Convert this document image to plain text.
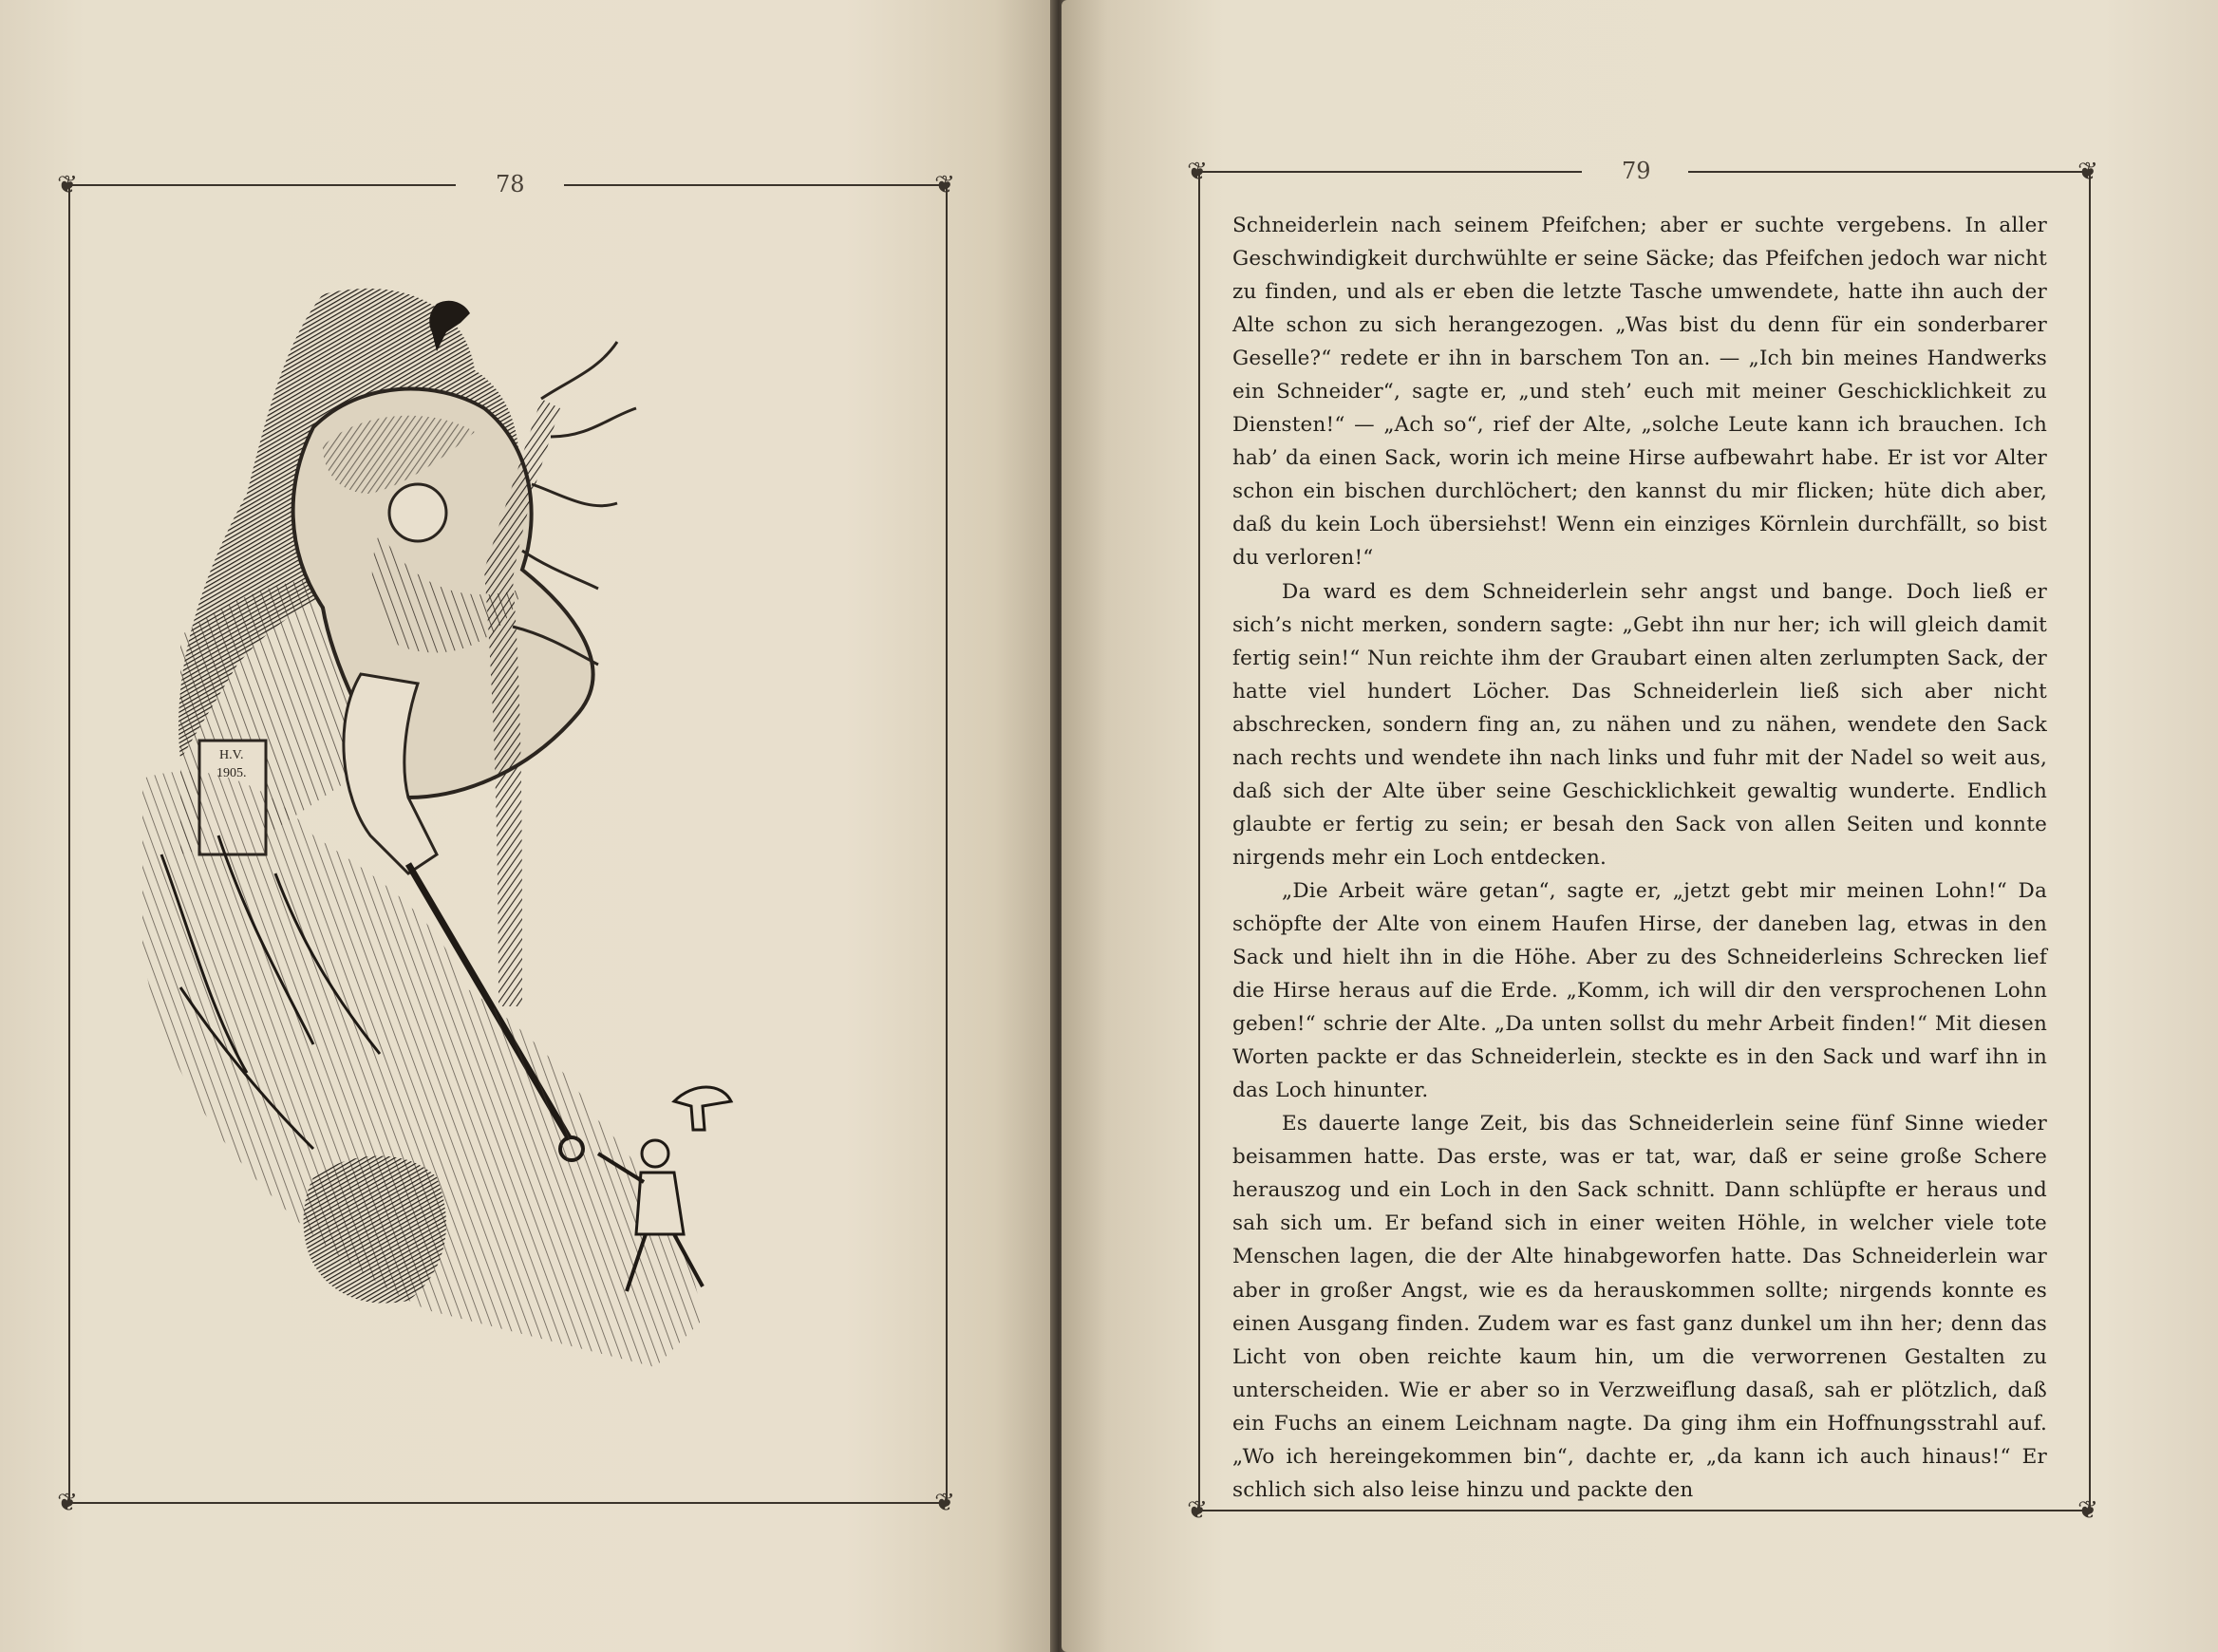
❦	❦
❦	❦
78
H.V.
1905.
❦	❦
❦	❦
79

Schneiderlein nach seinem Pfeifchen; aber er suchte vergebens. In aller Geschwindigkeit durchwühlte er seine Säcke; das Pfeifchen jedoch war nicht zu finden, und als er eben die letzte Tasche umwendete, hatte ihn auch der Alte schon zu sich herangezogen. „Was bist du denn für ein sonderbarer Geselle?“ redete er ihn in barschem Ton an. — „Ich bin meines Handwerks ein Schneider“, sagte er, „und steh’ euch mit meiner Geschicklichkeit zu Diensten!“ — „Ach so“, rief der Alte, „solche Leute kann ich brauchen. Ich hab’ da einen Sack, worin ich meine Hirse aufbewahrt habe. Er ist vor Alter schon ein bischen durchlöchert; den kannst du mir flicken; hüte dich aber, daß du kein Loch übersiehst! Wenn ein einziges Körnlein durchfällt, so bist du verloren!“

Da ward es dem Schneiderlein sehr angst und bange. Doch ließ er sich’s nicht merken, sondern sagte: „Gebt ihn nur her; ich will gleich damit fertig sein!“ Nun reichte ihm der Graubart einen alten zerlumpten Sack, der hatte viel hundert Löcher. Das Schneiderlein ließ sich aber nicht abschrecken, sondern fing an, zu nähen und zu nähen, wendete den Sack nach rechts und wendete ihn nach links und fuhr mit der Nadel so weit aus, daß sich der Alte über seine Geschicklichkeit gewaltig wunderte. Endlich glaubte er fertig zu sein; er besah den Sack von allen Seiten und konnte nirgends mehr ein Loch entdecken.

„Die Arbeit wäre getan“, sagte er, „jetzt gebt mir meinen Lohn!“ Da schöpfte der Alte von einem Haufen Hirse, der daneben lag, etwas in den Sack und hielt ihn in die Höhe. Aber zu des Schneiderleins Schrecken lief die Hirse heraus auf die Erde. „Komm, ich will dir den versprochenen Lohn geben!“ schrie der Alte. „Da unten sollst du mehr Arbeit finden!“ Mit diesen Worten packte er das Schneiderlein, steckte es in den Sack und warf ihn in das Loch hinunter.

Es dauerte lange Zeit, bis das Schneiderlein seine fünf Sinne wieder beisammen hatte. Das erste, was er tat, war, daß er seine große Schere herauszog und ein Loch in den Sack schnitt. Dann schlüpfte er heraus und sah sich um. Er befand sich in einer weiten Höhle, in welcher viele tote Menschen lagen, die der Alte hinabgeworfen hatte. Das Schneiderlein war aber in großer Angst, wie es da herauskommen sollte; nirgends konnte es einen Ausgang finden. Zudem war es fast ganz dunkel um ihn her; denn das Licht von oben reichte kaum hin, um die verworrenen Gestalten zu unterscheiden. Wie er aber so in Verzweiflung dasaß, sah er plötzlich, daß ein Fuchs an einem Leichnam nagte. Da ging ihm ein Hoffnungsstrahl auf. „Wo ich hereingekommen bin“, dachte er, „da kann ich auch hinaus!“ Er schlich sich also leise hinzu und packte den
